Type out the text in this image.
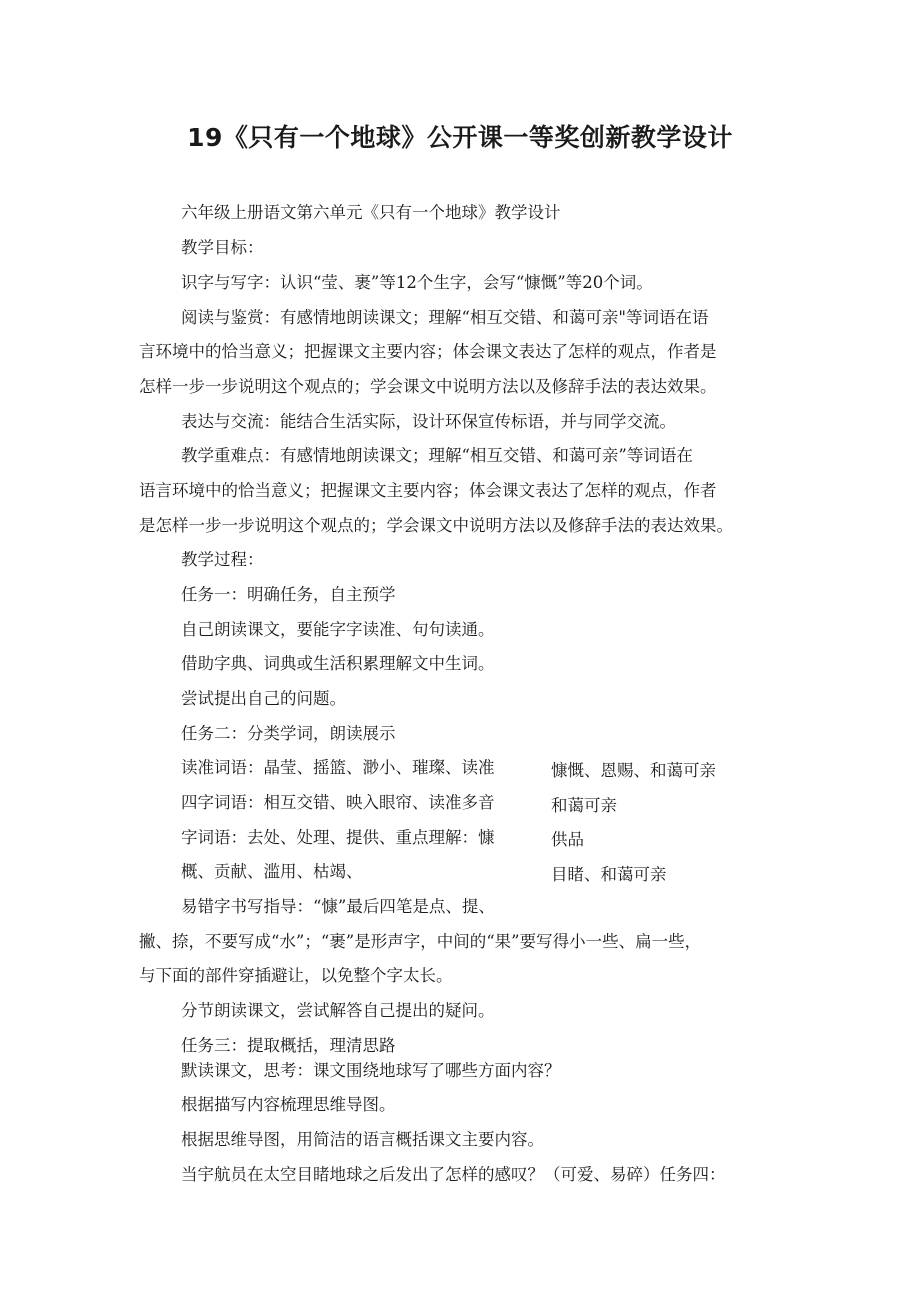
19《只有一个地球》公开课一等奖创新教学设计
六年级上册语文第六单元《只有一个地球》教学设计
教学目标：
识字与写字：认识“莹、裹”等12个生字，会写“慷慨”等20个词。
阅读与鉴赏：有感情地朗读课文；理解“相互交错、和蔼可亲"等词语在语
言环境中的恰当意义；把握课文主要内容；体会课文表达了怎样的观点，作者是
怎样一步一步说明这个观点的；学会课文中说明方法以及修辞手法的表达效果。
表达与交流：能结合生活实际，设计环保宣传标语，并与同学交流。
教学重难点：有感情地朗读课文；理解“相互交错、和蔼可亲”等词语在
语言环境中的恰当意义；把握课文主要内容；体会课文表达了怎样的观点，作者
是怎样一步一步说明这个观点的；学会课文中说明方法以及修辞手法的表达效果。
教学过程：
任务一：明确任务，自主预学
自己朗读课文，要能字字读准、句句读通。
借助字典、词典或生活积累理解文中生词。
尝试提出自己的问题。
任务二：分类学词，朗读展示
读准词语：晶莹、摇篮、渺小、璀璨、读准	慷慨、恩赐、和蔼可亲
四字词语：相互交错、映入眼帘、读准多音	和蔼可亲
字词语：去处、处理、提供、重点理解：慷	供品
概、贡献、滥用、枯竭、	目睹、和蔼可亲
易错字书写指导：“慷”最后四笔是点、提、
撇、捺，不要写成“水”；“裹”是形声字，中间的“果”要写得小一些、扁一些，
与下面的部件穿插避让，以免整个字太长。
分节朗读课文，尝试解答自己提出的疑问。
任务三：提取概括，理清思路
默读课文，思考：课文围绕地球写了哪些方面内容？
根据描写内容梳理思维导图。
根据思维导图，用简洁的语言概括课文主要内容。
当宇航员在太空目睹地球之后发出了怎样的感叹？（可爱、易碎）任务四：
